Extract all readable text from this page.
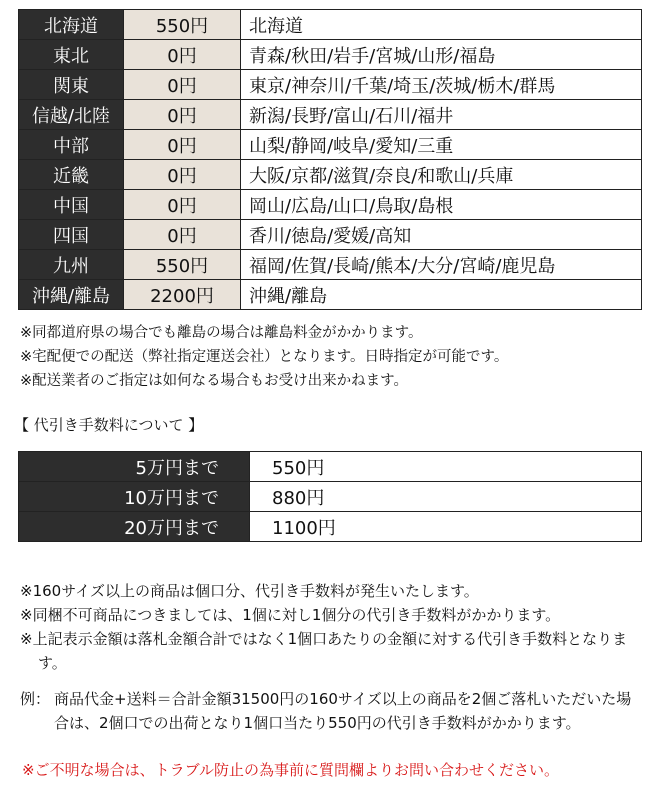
北海道	550円	北海道
東北	0円	青森/秋田/岩手/宮城/山形/福島
関東	0円	東京/神奈川/千葉/埼玉/茨城/栃木/群馬
信越/北陸	0円	新潟/長野/富山/石川/福井
中部	0円	山梨/静岡/岐阜/愛知/三重
近畿	0円	大阪/京都/滋賀/奈良/和歌山/兵庫
中国	0円	岡山/広島/山口/鳥取/島根
四国	0円	香川/徳島/愛媛/高知
九州	550円	福岡/佐賀/長崎/熊本/大分/宮崎/鹿児島
沖縄/離島	2200円	沖縄/離島
※同都道府県の場合でも離島の場合は離島料金がかかります。
※宅配便での配送（弊社指定運送会社）となります。日時指定が可能です。
※配送業者のご指定は如何なる場合もお受け出来かねます。
【 代引き手数料について 】
5万円まで	550円
10万円まで	880円
20万円まで	1100円
※160サイズ以上の商品は個口分、代引き手数料が発生いたします。
※同梱不可商品につきましては、1個に対し1個分の代引き手数料がかかります。
※上記表示金額は落札金額合計ではなく1個口あたりの金額に対する代引き手数料となります。
例： 商品代金+送料＝合計金額31500円の160サイズ以上の商品を2個ご落札いただいた場合は、2個口での出荷となり1個口当たり550円の代引き手数料がかかります。
※ご不明な場合は、トラブル防止の為事前に質問欄よりお問い合わせください。
